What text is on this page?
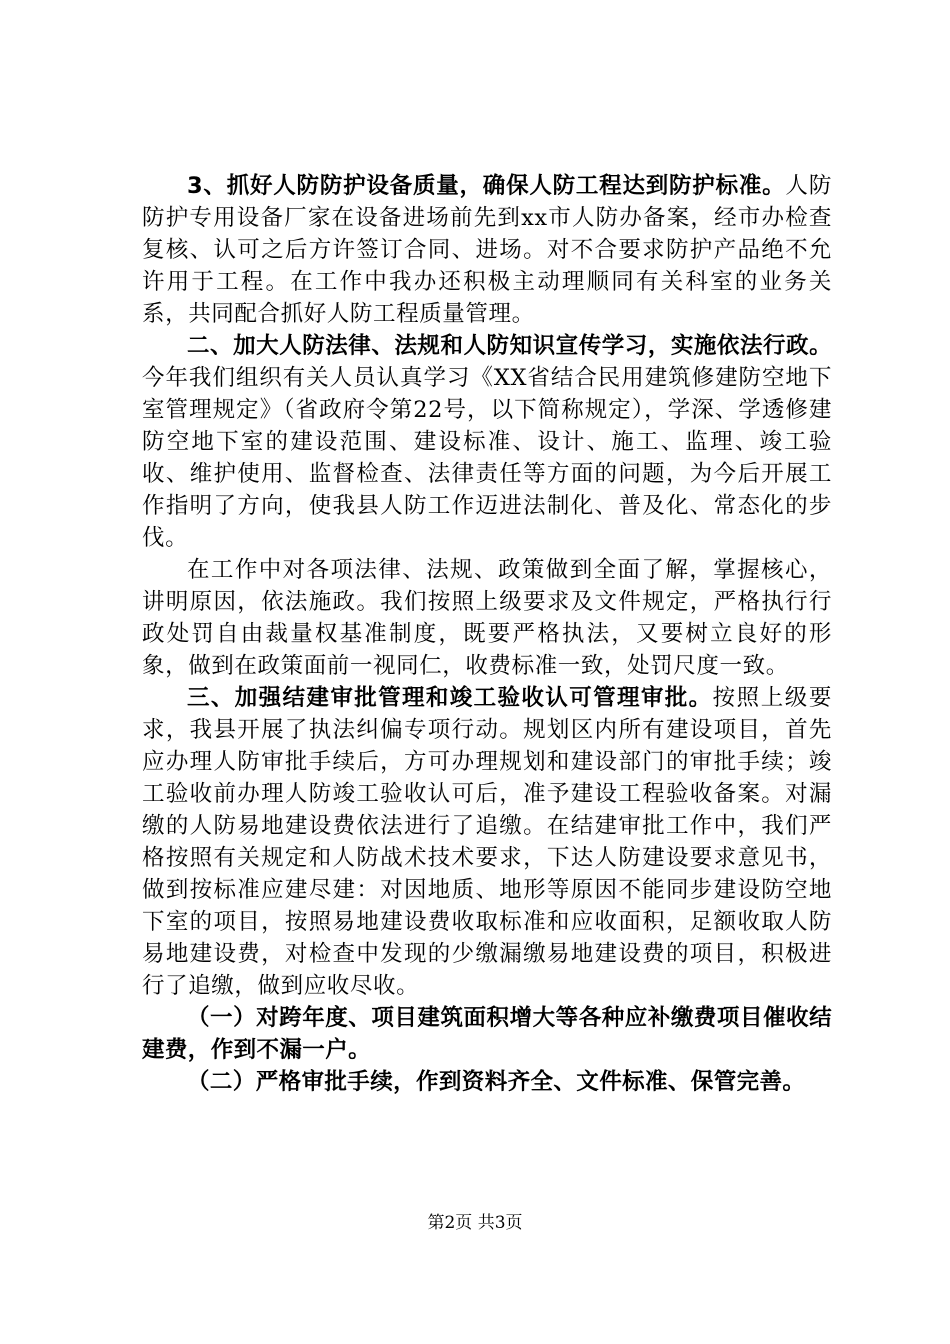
3、抓好人防防护设备质量，确保人防工程达到防护标准。人防防护专用设备厂家在设备进场前先到xx市人防办备案，经市办检查复核、认可之后方许签订合同、进场。对不合要求防护产品绝不允许用于工程。在工作中我办还积极主动理顺同有关科室的业务关系，共同配合抓好人防工程质量管理。

二、加大人防法律、法规和人防知识宣传学习，实施依法行政。今年我们组织有关人员认真学习《XX省结合民用建筑修建防空地下室管理规定》（省政府令第22号，以下简称规定），学深、学透修建防空地下室的建设范围、建设标准、设计、施工、监理、竣工验收、维护使用、监督检查、法律责任等方面的问题，为今后开展工作指明了方向，使我县人防工作迈进法制化、普及化、常态化的步伐。

在工作中对各项法律、法规、政策做到全面了解，掌握核心，讲明原因，依法施政。我们按照上级要求及文件规定，严格执行行政处罚自由裁量权基准制度，既要严格执法，又要树立良好的形象，做到在政策面前一视同仁，收费标准一致，处罚尺度一致。

三、加强结建审批管理和竣工验收认可管理审批。按照上级要求，我县开展了执法纠偏专项行动。规划区内所有建设项目，首先应办理人防审批手续后，方可办理规划和建设部门的审批手续；竣工验收前办理人防竣工验收认可后，准予建设工程验收备案。对漏缴的人防易地建设费依法进行了追缴。在结建审批工作中，我们严格按照有关规定和人防战术技术要求，下达人防建设要求意见书，做到按标准应建尽建：对因地质、地形等原因不能同步建设防空地下室的项目，按照易地建设费收取标准和应收面积，足额收取人防易地建设费，对检查中发现的少缴漏缴易地建设费的项目，积极进行了追缴，做到应收尽收。

（一）对跨年度、项目建筑面积增大等各种应补缴费项目催收结建费，作到不漏一户。

（二）严格审批手续，作到资料齐全、文件标准、保管完善。

第2页 共3页
